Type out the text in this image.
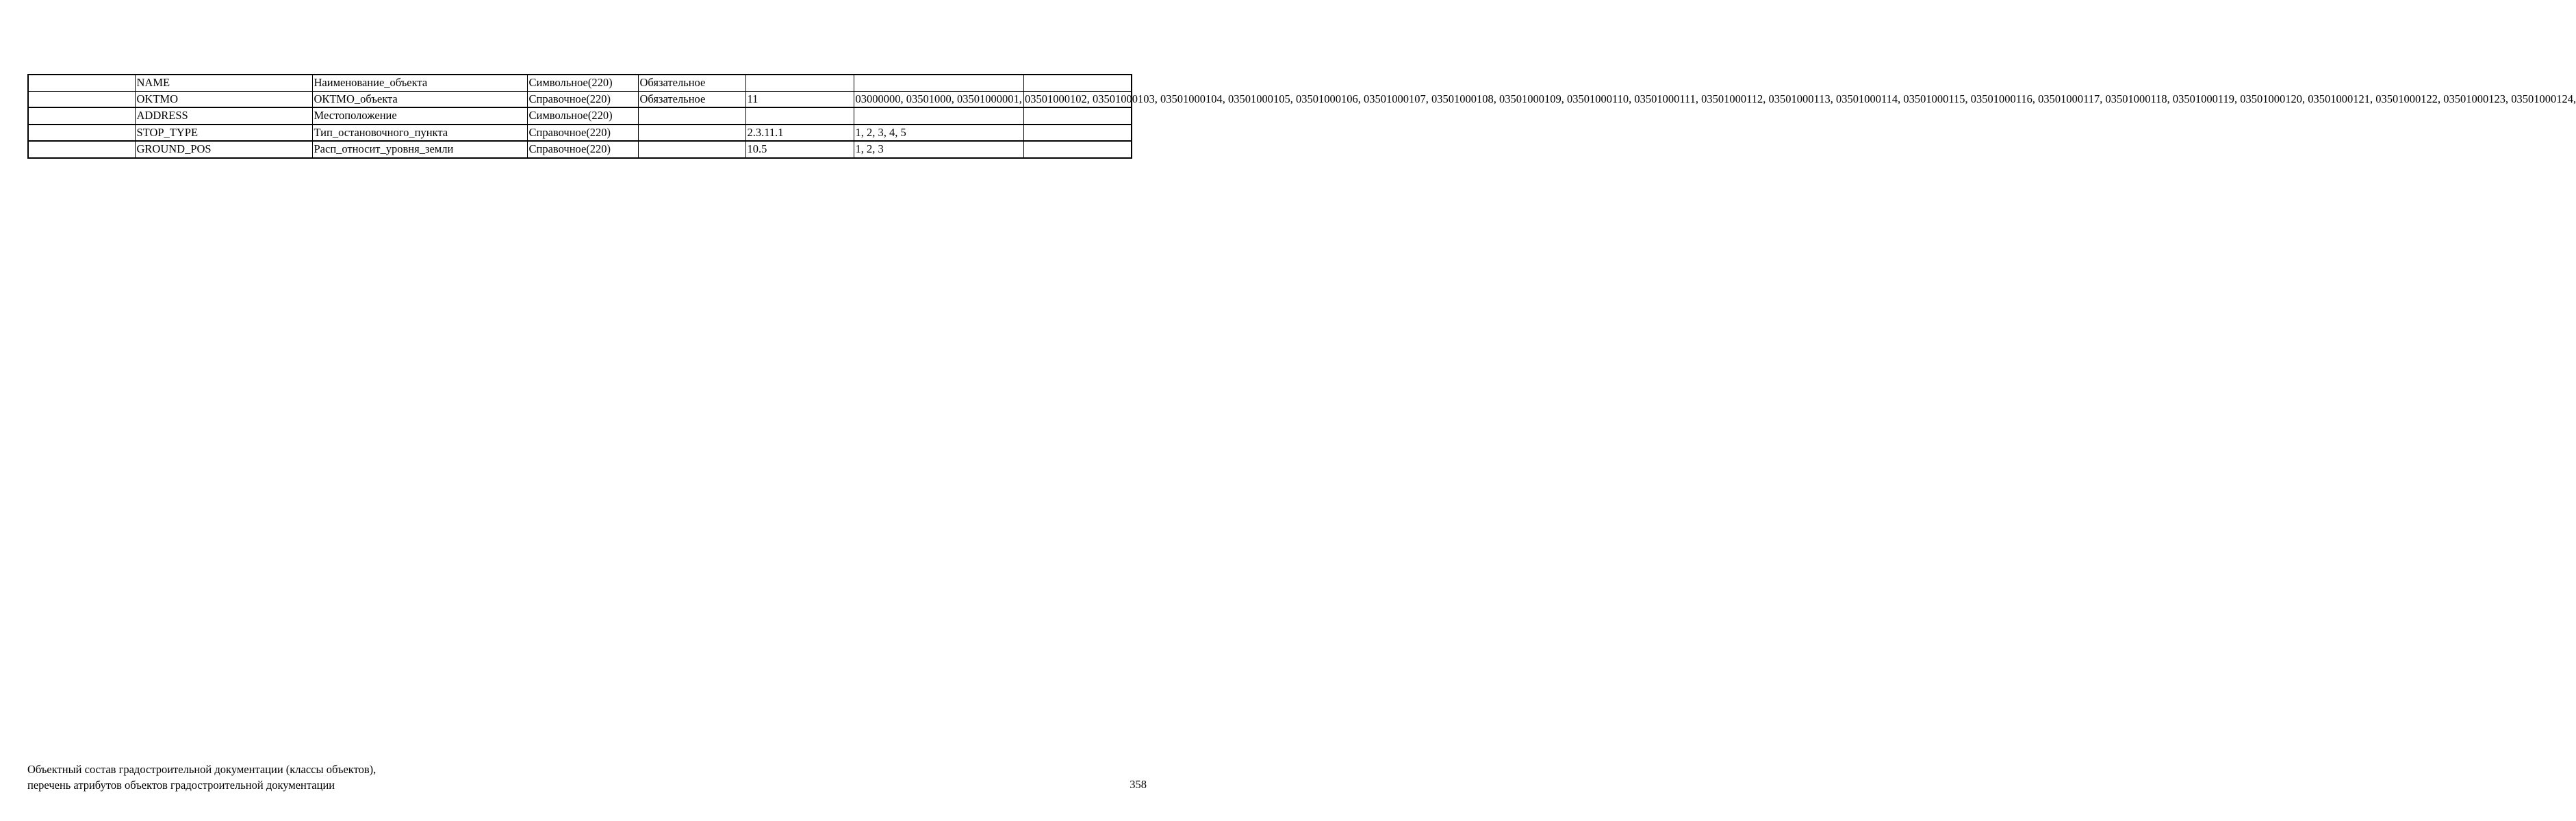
	NAME	Наименование_объекта	Символьное(220)	Обязательное			
	OKTMO	ОКТМО_объекта	Справочное(220)	Обязательное	11	03000000, 03501000, 03501000001, 03501000102, 03501000103, 03501000104, 03501000105, 03501000106, 03501000107, 03501000108, 03501000109, 03501000110, 03501000111, 03501000112, 03501000113, 03501000114, 03501000115, 03501000116, 03501000117, 03501000118, 03501000119, 03501000120, 03501000121, 03501000122, 03501000123, 03501000124,	
	ADDRESS	Местоположение	Символьное(220)				
	STOP_TYPE	Тип_остановочного_пункта	Справочное(220)		2.3.11.1	1, 2, 3, 4, 5	
	GROUND_POS	Расп_относит_уровня_земли	Справочное(220)		10.5	1, 2, 3	
Объектный состав градостроительной документации (классы объектов),
перечень атрибутов объектов градостроительной документации	358
